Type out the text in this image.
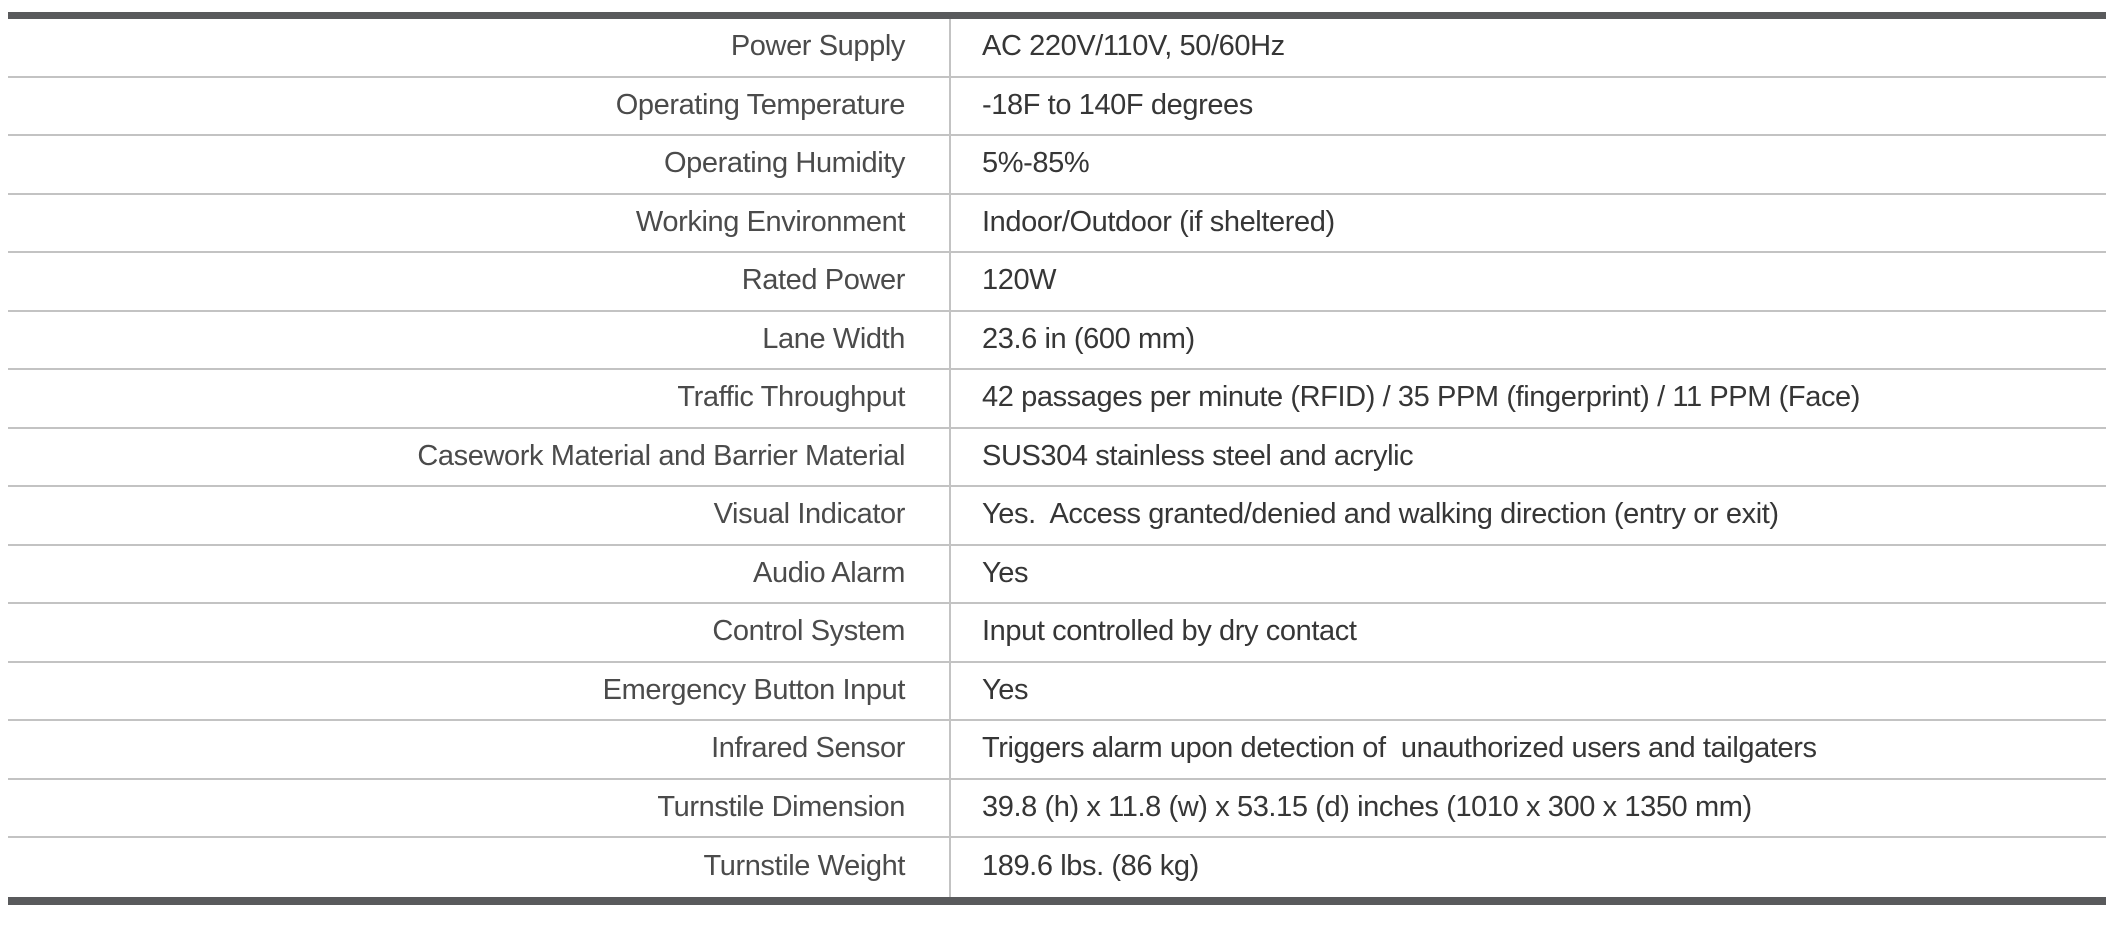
Power Supply	AC 220V/110V, 50/60Hz
Operating Temperature	-18F to 140F degrees
Operating Humidity	5%-85%
Working Environment	Indoor/Outdoor (if sheltered)
Rated Power	120W
Lane Width	23.6 in (600 mm)
Traffic Throughput	42 passages per minute (RFID) / 35 PPM (fingerprint) / 11 PPM (Face)
Casework Material and Barrier Material	SUS304 stainless steel and acrylic
Visual Indicator	Yes.  Access granted/denied and walking direction (entry or exit)
Audio Alarm	Yes
Control System	Input controlled by dry contact
Emergency Button Input	Yes
Infrared Sensor	Triggers alarm upon detection of  unauthorized users and tailgaters
Turnstile Dimension	39.8 (h) x 11.8 (w) x 53.15 (d) inches (1010 x 300 x 1350 mm)
Turnstile Weight	189.6 lbs. (86 kg)
